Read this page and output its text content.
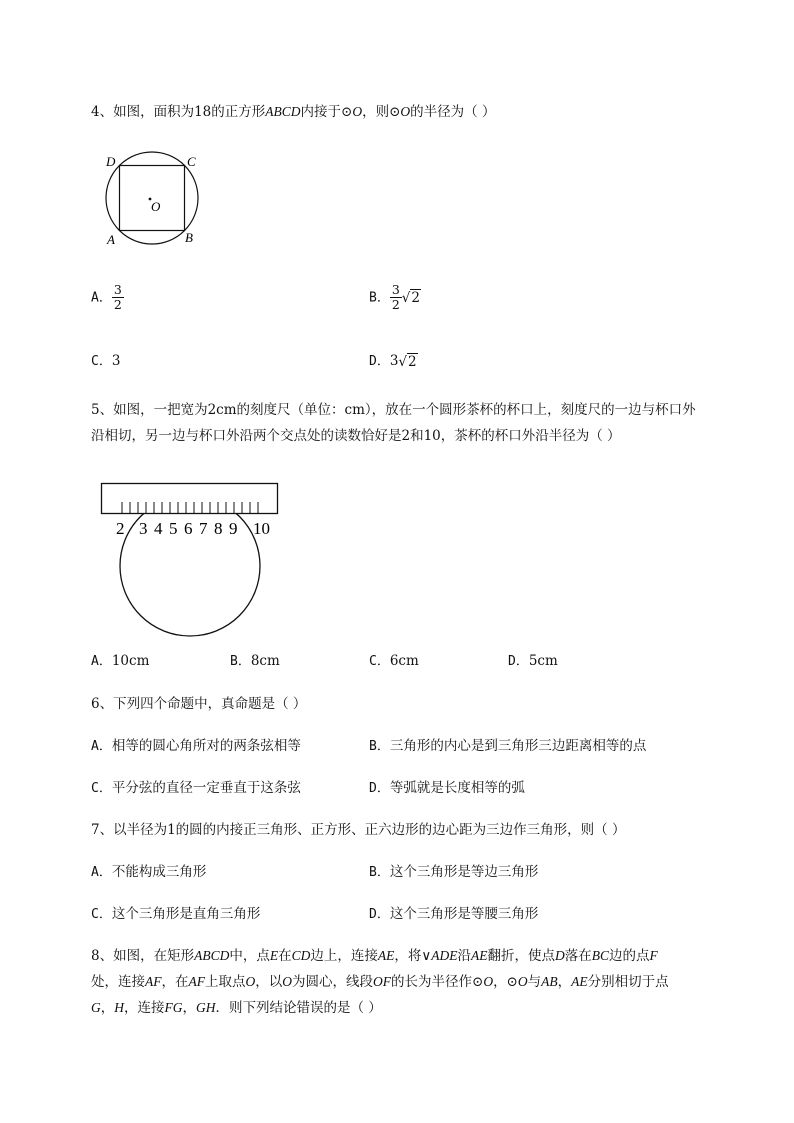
4、如图，面积为18的正方形ABCD内接于⊙O，则⊙O的半径为（ ）
D	C
A	B
O
A． $\frac{3}{2}$	B． $\frac{3}{2} √2$
C．3	D．3√2
5、如图，一把宽为2cm的刻度尺（单位：cm），放在一个圆形茶杯的杯口上，刻度尺的一边与杯口外
沿相切，另一边与杯口外沿两个交点处的读数恰好是2和10，茶杯的杯口外沿半径为（ ）
2 3 4 5 6 7 8 9 10
A．10cm	B．8cm	C．6cm	D．5cm
6、下列四个命题中，真命题是（ ）
A．相等的圆心角所对的两条弦相等	B．三角形的内心是到三角形三边距离相等的点
C．平分弦的直径一定垂直于这条弦	D．等弧就是长度相等的弧
7、以半径为1的圆的内接正三角形、正方形、正六边形的边心距为三边作三角形，则（ ）
A．不能构成三角形	B．这个三角形是等边三角形
C．这个三角形是直角三角形	D．这个三角形是等腰三角形
8、如图，在矩形ABCD中，点E在CD边上，连接AE，将∨ADE沿AE翻折，使点D落在BC边的点F
处，连接AF，在AF上取点O，以O为圆心，线段OF的长为半径作⊙O，⊙O与AB，AE分别相切于点
G，H，连接FG，GH．则下列结论错误的是（ ）
